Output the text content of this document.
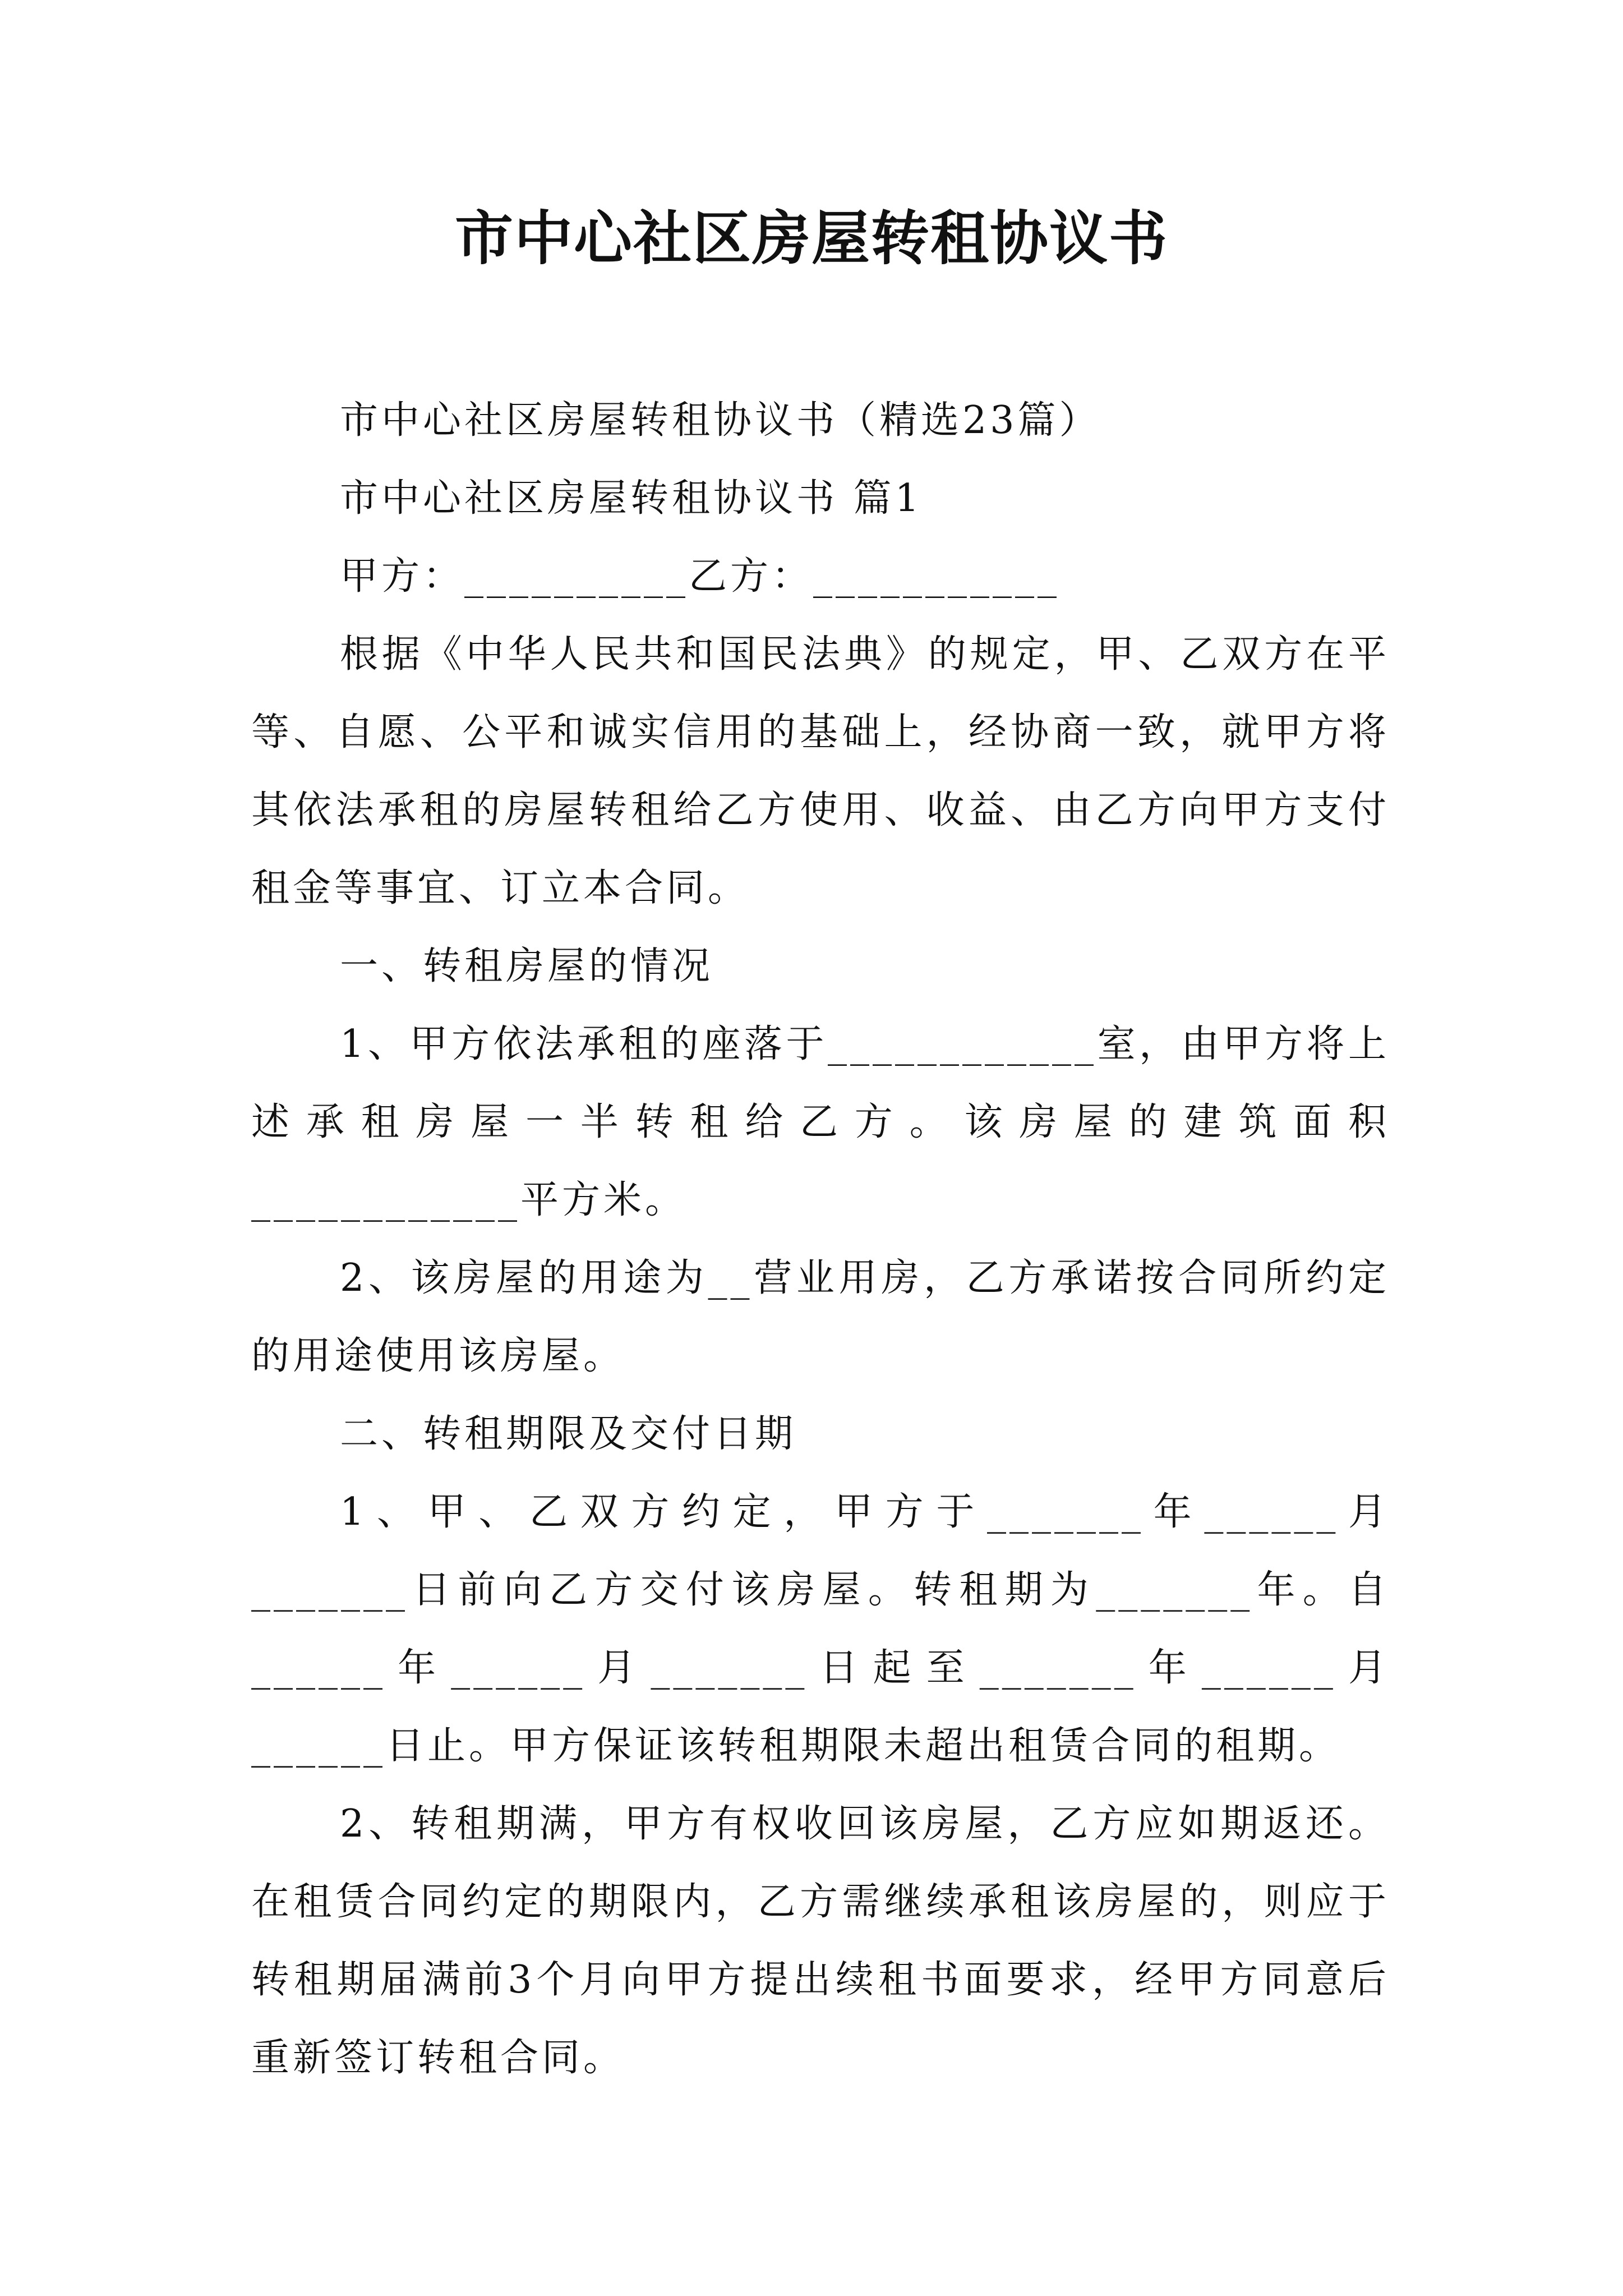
市中心社区房屋转租协议书

市中心社区房屋转租协议书（精选23篇）

市中心社区房屋转租协议书 篇1

甲方：__________乙方：___________

根据《中华人民共和国民法典》的规定，甲、乙双方在平等、自愿、公平和诚实信用的基础上，经协商一致，就甲方将其依法承租的房屋转租给乙方使用、收益、由乙方向甲方支付租金等事宜、订立本合同。

一、转租房屋的情况

1、甲方依法承租的座落于____________室，由甲方将上述承租房屋一半转租给乙方。该房屋的建筑面积____________平方米。

2、该房屋的用途为__营业用房，乙方承诺按合同所约定的用途使用该房屋。

二、转租期限及交付日期

1、甲、乙双方约定，甲方于_______年______月_______日前向乙方交付该房屋。转租期为_______年。自______年______月_______日起至_______年______月______日止。甲方保证该转租期限未超出租赁合同的租期。

2、转租期满，甲方有权收回该房屋，乙方应如期返还。在租赁合同约定的期限内，乙方需继续承租该房屋的，则应于转租期届满前3个月向甲方提出续租书面要求，经甲方同意后重新签订转租合同。
